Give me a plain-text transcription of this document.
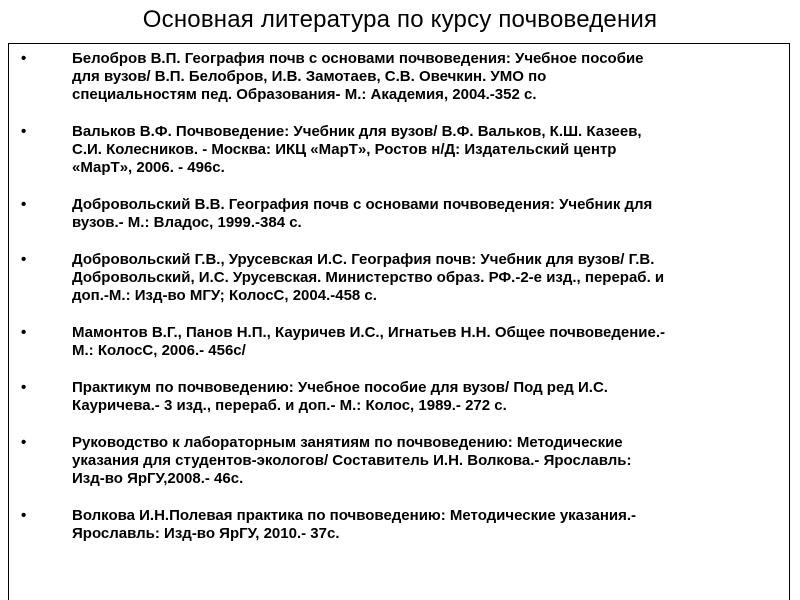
Основная литература по курсу почвоведения
•	Белобров В.П. География почв с основами почвоведения: Учебное пособие
для вузов/ В.П. Белобров, И.В. Замотаев, С.В. Овечкин. УМО по
специальностям пед. Образования- М.: Академия, 2004.-352 с.
•	Вальков В.Ф. Почвоведение: Учебник для вузов/ В.Ф. Вальков, К.Ш. Казеев,
С.И. Колесников. - Москва: ИКЦ «МарТ», Ростов н/Д: Издательский центр
«МарТ», 2006. - 496с.
•	Добровольский В.В. География почв с основами почвоведения: Учебник для
вузов.- М.: Владос, 1999.-384 с.
•	Добровольский Г.В., Урусевская И.С. География почв: Учебник для вузов/ Г.В.
Добровольский, И.С. Урусевская. Министерство образ. РФ.-2-е изд., перераб. и
доп.-М.: Изд-во МГУ; КолосС, 2004.-458 с.
•	Мамонтов В.Г., Панов Н.П., Кауричев И.С., Игнатьев Н.Н. Общее почвоведение.-
М.: КолосС, 2006.- 456с/
•	Практикум по почвоведению: Учебное пособие для вузов/ Под ред И.С.
Кауричева.- 3 изд., перераб. и доп.- М.: Колос, 1989.- 272 с.
•	Руководство к лабораторным занятиям по почвоведению: Методические
указания для студентов-экологов/ Составитель И.Н. Волкова.- Ярославль:
Изд-во ЯрГУ,2008.- 46с.
•	Волкова И.Н.Полевая практика по почвоведению: Методические указания.-
Ярославль: Изд-во ЯрГУ, 2010.- 37с.
